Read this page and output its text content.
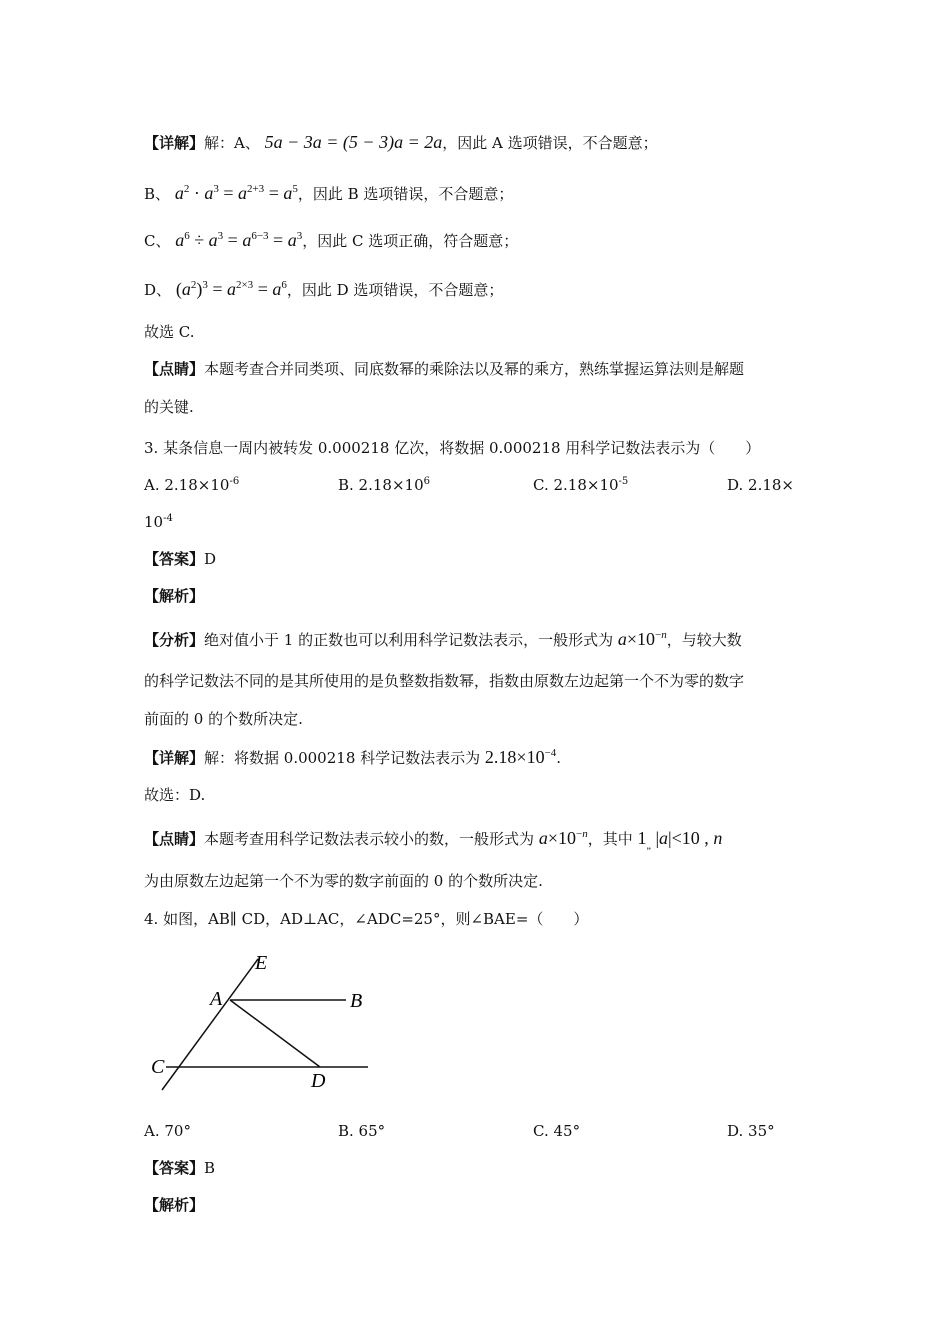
【详解】解：A、 5a − 3a = (5 − 3)a = 2a，因此 A 选项错误，不合题意；
B、 $a^2 \cdot a^3 = a^{2+3} = a^5$，因此 B 选项错误，不合题意；
C、 $a^6 \div a^3 = a^{6-3} = a^3$，因此 C 选项正确，符合题意；
D、 $(a^2)^3 = a^{2\times 3} = a^6$，因此 D 选项错误，不合题意；
故选 C.
【点睛】本题考查合并同类项、同底数幂的乘除法以及幂的乘方，熟练掌握运算法则是解题
的关键.
3. 某条信息一周内被转发 0.000218 亿次，将数据 0.000218 用科学记数法表示为（　　）
A. $2.18\times 10^{-6}$	B. $2.18\times 10^6$	C. $2.18\times 10^{-5}$	D. 2.18×
$10^{-4}$
【答案】D
【解析】
【分析】绝对值小于 1 的正数也可以利用科学记数法表示，一般形式为 $a\times 10^{-n}$，与较大数
的科学记数法不同的是其所使用的是负整数指数幂，指数由原数左边起第一个不为零的数字
前面的 0 的个数所决定.
【详解】解：将数据 0.000218 科学记数法表示为 $2.18\times 10^{-4}$.
故选：D.
【点睛】本题考查用科学记数法表示较小的数，一般形式为 $a\times 10^{-n}$，其中 $1_„$ |a|<10 , n
为由原数左边起第一个不为零的数字前面的 0 的个数所决定.
4. 如图，AB∥ CD，AD⊥AC，∠ADC=25°，则∠BAE=（　　）
E
A	B
C
D
A. 70°	B. 65°	C. 45°	D. 35°
【答案】B
【解析】
